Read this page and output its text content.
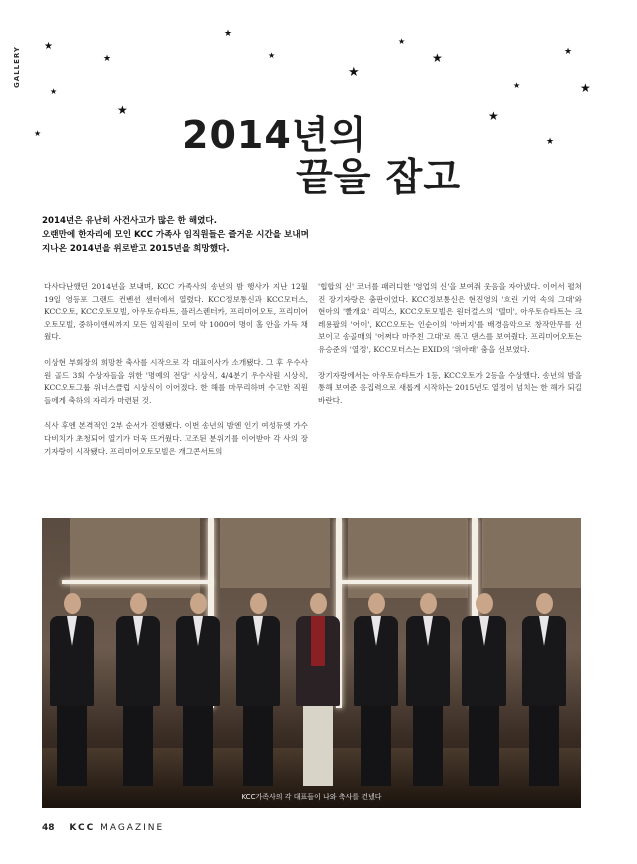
GALLERY ★
★
★
★
★
★
★
★
★
★
★
★
★
★
★
2014년의
끝을 잡고
2014년은 유난히 사건사고가 많은 한 해였다.
오랜만에 한자리에 모인 KCC 가족사 임직원들은 즐거운 시간을 보내며
지나온 2014년을 위로받고 2015년을 희망했다.

다사다난했던 2014년을 보내며, KCC 가족사의 송년의 밤 행사가 지난 12월 19일 영등포 그랜드 컨벤션 센터에서 열렸다. KCC정보통신과 KCC모터스, KCC오토, KCC오토모빌, 아우토슈타트, 플러스렌터카, 프리미어오토, 프리미어오토모빌, 중하이앤씨까지 모든 임직원이 모여 약 1000여 명이 홀 안을 가득 채웠다.

이상현 부회장의 희망찬 축사를 시작으로 각 대표이사가 소개됐다. 그 후 우수사원 골드 3회 수상자들을 위한 '명예의 전당' 시상식, 4/4분기 우수사원 시상식, KCC오토그룹 위너스클럽 시상식이 이어졌다. 한 해를 마무리하며 수고한 직원들에게 축하의 자리가 마련된 것.

식사 후엔 본격적인 2부 순서가 진행됐다. 이번 송년의 밤엔 인기 여성듀엣 가수 다비치가 초청되어 열기가 더욱 뜨거웠다. 고조된 분위기를 이어받아 각 사의 장기자랑이 시작됐다. 프리미어오토모빌은 개그콘서트의

'힙합의 신' 코너를 패러디한 '영업의 신'을 보여줘 웃음을 자아냈다. 이어서 펼쳐진 장기자랑은 춤판이었다. KCC정보통신은 현진영의 '흐린 기억 속의 그대'와 현아의 '빨개요' 리믹스, KCC오토모빌은 원더걸스의 '텔미', 아우토슈타트는 크레용팝의 '어이', KCC오토는 인순이의 '아버지'를 배경음악으로 창작안무를 선보이고 송골매의 '어쩌다 마주친 그대'로 록고 댄스를 보여줬다. 프리미어오토는 유승준의 '열정', KCC모터스는 EXID의 '위아래' 춤을 선보였다.

장기자랑에서는 아우토슈타트가 1등, KCC오토가 2등을 수상했다. 송년의 밤을 통해 보여준 응집력으로 새롭게 시작하는 2015년도 열정이 넘치는 한 해가 되길 바란다.

KCC가족사의 각 대표들이 나와 축사를 건넸다
48 KCC MAGAZINE
